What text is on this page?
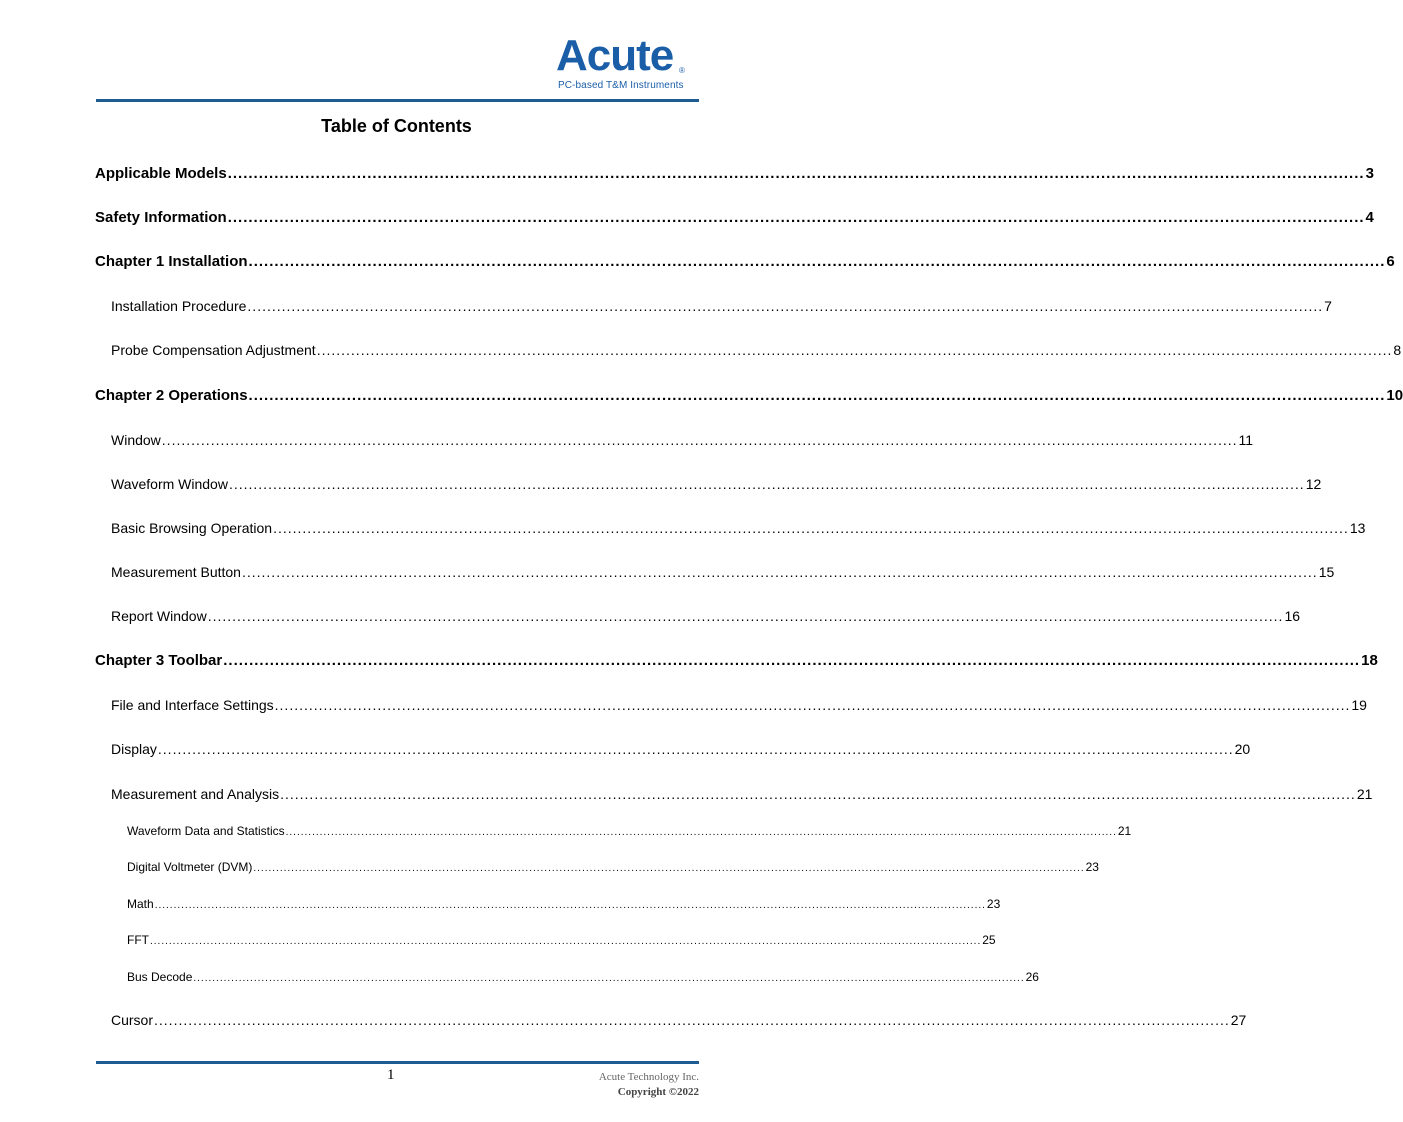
Acute ®
PC-based T&M Instruments
Table of Contents
Applicable Models ............................................................................................................................................................................................................................ 3
Safety Information ............................................................................................................................................................................................................................ 4
Chapter 1 Installation ............................................................................................................................................................................................................................ 6
Installation Procedure ............................................................................................................................................................................................................................ 7
Probe Compensation Adjustment ............................................................................................................................................................................................................................ 8
Chapter 2 Operations ............................................................................................................................................................................................................................ 10
Window ............................................................................................................................................................................................................................ 11
Waveform Window ............................................................................................................................................................................................................................ 12
Basic Browsing Operation ............................................................................................................................................................................................................................ 13
Measurement Button ............................................................................................................................................................................................................................ 15
Report Window ............................................................................................................................................................................................................................ 16
Chapter 3 Toolbar ............................................................................................................................................................................................................................ 18
File and Interface Settings ............................................................................................................................................................................................................................ 19
Display ............................................................................................................................................................................................................................ 20
Measurement and Analysis ............................................................................................................................................................................................................................ 21
Waveform Data and Statistics ............................................................................................................................................................................................................................ 21
Digital Voltmeter (DVM) ............................................................................................................................................................................................................................ 23
Math ............................................................................................................................................................................................................................ 23
FFT ............................................................................................................................................................................................................................ 25
Bus Decode ............................................................................................................................................................................................................................ 26
Cursor ............................................................................................................................................................................................................................ 27
1	Acute Technology Inc.
Copyright ©2022
